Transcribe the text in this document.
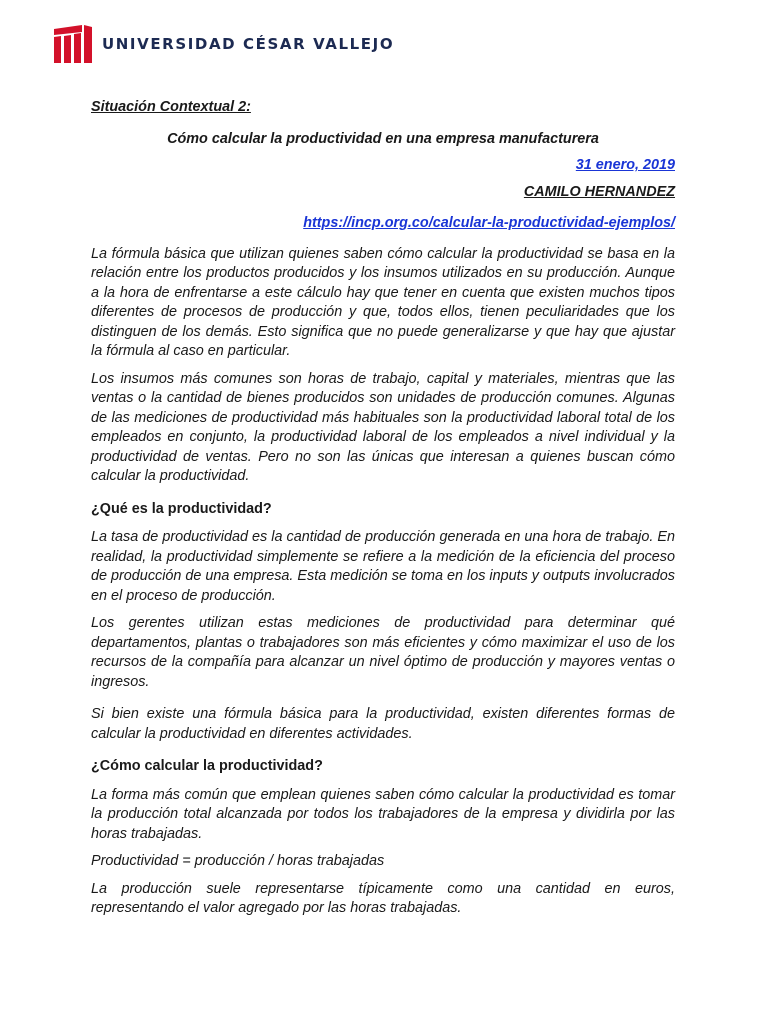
UNIVERSIDAD CÉSAR VALLEJO

Situación Contextual 2:

Cómo calcular la productividad en una empresa manufacturera

31 enero, 2019

CAMILO HERNANDEZ

https://incp.org.co/calcular-la-productividad-ejemplos/

La fórmula básica que utilizan quienes saben cómo calcular la productividad se basa en la relación entre los productos producidos y los insumos utilizados en su producción. Aunque a la hora de enfrentarse a este cálculo hay que tener en cuenta que existen muchos tipos diferentes de procesos de producción y que, todos ellos, tienen peculiaridades que los distinguen de los demás. Esto significa que no puede generalizarse y que hay que ajustar la fórmula al caso en particular.

Los insumos más comunes son horas de trabajo, capital y materiales, mientras que las ventas o la cantidad de bienes producidos son unidades de producción comunes. Algunas de las mediciones de productividad más habituales son la productividad laboral total de los empleados en conjunto, la productividad laboral de los empleados a nivel individual y la productividad de ventas. Pero no son las únicas que interesan a quienes buscan cómo calcular la productividad.

¿Qué es la productividad?

La tasa de productividad es la cantidad de producción generada en una hora de trabajo. En realidad, la productividad simplemente se refiere a la medición de la eficiencia del proceso de producción de una empresa. Esta medición se toma en los inputs y outputs involucrados en el proceso de producción.

Los gerentes utilizan estas mediciones de productividad para determinar qué departamentos, plantas o trabajadores son más eficientes y cómo maximizar el uso de los recursos de la compañía para alcanzar un nivel óptimo de producción y mayores ventas o ingresos.

Si bien existe una fórmula básica para la productividad, existen diferentes formas de calcular la productividad en diferentes actividades.

¿Cómo calcular la productividad?

La forma más común que emplean quienes saben cómo calcular la productividad es tomar la producción total alcanzada por todos los trabajadores de la empresa y dividirla por las horas trabajadas.

Productividad = producción / horas trabajadas

La producción suele representarse típicamente como una cantidad en euros, representando el valor agregado por las horas trabajadas.
